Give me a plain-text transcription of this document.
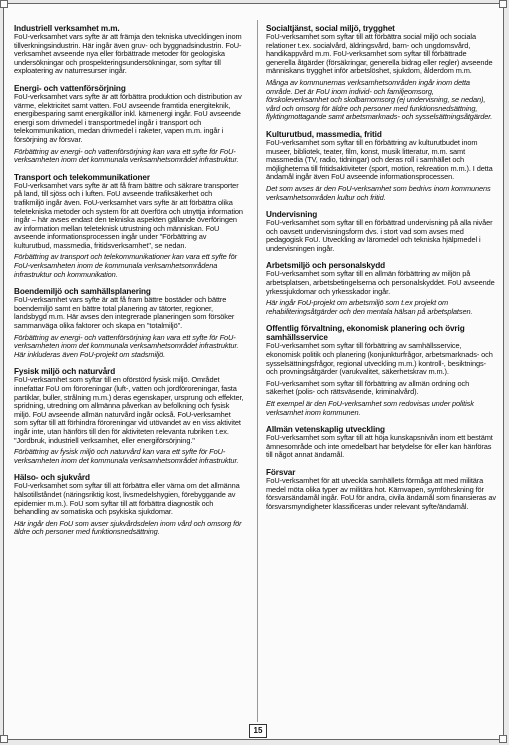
Industriell verksamhet m.m.

FoU-verksamhet vars syfte är att främja den tekniska utvecklingen inom tillverkningsindustrin. Här ingår även gruv- och byggnadsindustrin. FoU-verksamhet avseende nya eller förbättrade metoder för geologiska undersökningar och prospekteringsundersökningar, som syftar till exploatering av naturresurser ingår.

Energi- och vattenförsörjning

FoU-verksamhet vars syfte är att förbättra produktion och distribution av värme, elektricitet samt vatten. FoU avseende framtida energiteknik, energibesparing samt energikällor inkl. kärnenergi ingår. FoU avseende energi som drivmedel i transportmedel ingår i transport och telekommunikation, medan drivmedel i raketer, vapen m.m. ingår i försörjning av försvar.

Förbättring av energi- och vattenförsörjning kan vara ett syfte för FoU-verksamheten inom det kommunala verksamhetsområdet infrastruktur.

Transport och telekommunikationer

FoU-verksamhet vars syfte är att få fram bättre och säkrare transporter på land, till sjöss och i luften. FoU avseende trafiksäkerhet och trafikmiljö ingår även. FoU-verksamhet vars syfte är att förbättra olika teletekniska metoder och system för att överföra och utnyttja information ingår – här avses endast den tekniska aspekten gällande överföringen av information mellan teleteknisk utrustning och människan. FoU avseende informationsprocessen ingår under "Förbättring av kulturutbud, massmedia, fritidsverksamhet", se nedan.

Förbättring av transport och telekommunikationer kan vara ett syfte för FoU-verksamheten inom de kommunala verksamhetsområdena infrastruktur och kommunikation.

Boendemiljö och samhällsplanering

FoU-verksamhet vars syfte är att få fram bättre bostäder och bättre boendemiljö samt en bättre total planering av tätorter, regioner, landsbygd m.m. Här avses den integrerade planeringen som försöker sammanväga olika faktorer och skapa en "totalmiljö".

Förbättring av energi- och vattenförsörjning kan vara ett syfte för FoU-verksamheten inom det kommunala verksamhetsområdet infrastruktur. Här inkluderas även FoU-projekt om stadsmiljö.

Fysisk miljö och naturvård

FoU-verksamhet som syftar till en oförstörd fysisk miljö. Området innefattar FoU om föroreningar (luft-, vatten och jordföroreningar, fasta partiklar, buller, strålning m.m.) deras egenskaper, ursprung och effekter, spridning, utredning om allmänna påverkan av befolkning och fysisk miljö. FoU avseende allmän naturvård ingår också. FoU-verksamhet som syftar till att förhindra föroreningar vid utövandet av en viss aktivitet ingår inte, utan hänförs till den för aktiviteten relevanta rubriken t.ex. "Jordbruk, industriell verksamhet, eller energiförsörjning."

Förbättring av fysisk miljö och naturvård kan vara ett syfte för FoU-verksamheten inom det kommunala verksamhetsområdet infrastruktur.

Hälso- och sjukvård

FoU-verksamhet som syftar till att förbättra eller värna om det allmänna hälsotillståndet (näringsriktig kost, livsmedelshygien, förebyggande av epidemier m.m.). FoU som syftar till att förbättra diagnostik och behandling av somatiska och psykiska sjukdomar.

Här ingår den FoU som avser sjukvårdsdelen inom vård och omsorg för äldre och personer med funktionsnedsättning.

Socialtjänst, social miljö, trygghet

FoU-verksamhet som syftar till att förbättra social miljö och sociala relationer t.ex. socialvård, äldringsvård, barn- och ungdomsvård, handikappvård m.m. FoU-verksamhet som syftar till förbättrade generella åtgärder (försäkringar, generella bidrag eller regler) avseende människans trygghet inför arbetslöshet, sjukdom, ålderdom m.m.

Många av kommunernas verksamhetsområden ingår inom detta område. Det är FoU inom individ- och familjeomsorg, förskoleverksamhet och skolbarnomsorg (ej undervisning, se nedan), vård och omsorg för äldre och personer med funktionsnedsättning, flyktingmottagande samt arbetsmarknads- och sysselsättningsåtgärder.

Kulturutbud, massmedia, fritid

FoU-verksamhet som syftar till en förbättring av kulturutbudet inom museer, bibliotek, teater, film, konst, musik litteratur, m.m. samt massmedia (TV, radio, tidningar) och deras roll i samhället och möjligheterna till fritidsaktiviteter (sport, motion, rekreation m.m.). I detta ändamål ingår även FoU avseende informationsprocessen.

Det som avses är den FoU-verksamhet som bedrivs inom kommunens verksamhetsområden kultur och fritid.

Undervisning

FoU-verksamhet som syftar till en förbättrad undervisning på alla nivåer och oavsett undervisningsform dvs. i stort vad som avses med pedagogisk FoU. Utveckling av läromedel och tekniska hjälpmedel i undervisningen ingår.

Arbetsmiljö och personalskydd

FoU-verksamhet som syftar till en allmän förbättring av miljön på arbetsplatsen, arbetsbetingelserna och personalskyddet. FoU avseende yrkessjukdomar och yrkesskador ingår.

Här ingår FoU-projekt om arbetsmiljö som t.ex projekt om rehabiliteringsåtgärder och den mentala hälsan på arbetsplatsen.

Offentlig förvaltning, ekonomisk planering och övrig samhällsservice

FoU-verksamhet som syftar till förbättring av samhällsservice, ekonomisk politik och planering (konjunkturfrågor, arbetsmarknads- och sysselsättningsfrågor, regional utveckling m.m.) kontroll-, besiktnings- och provningsåtgärder (varukvalitet, säkerhetskrav m.m.).

FoU-verksamhet som syftar till förbättring av allmän ordning och säkerhet (polis- och rättsväsende, kriminalvård).

Ett exempel är den FoU-verksamhet som redovisas under politisk verksamhet inom kommunen.

Allmän vetenskaplig utveckling

FoU-verksamhet som syftar till att höja kunskapsnivån inom ett bestämt ämnesområde och inte omedelbart har betydelse för eller kan hänföras till något annat ändamål.

Försvar

FoU-verksamhet för att utveckla samhällets förmåga att med militära medel möta olika typer av militära hot. Kärnvapen, symföhrskning för försvarsändamål ingår. FoU för andra, civila ändamål som finansieras av försvarsmyndigheter klassificeras under relevant syfte/ändamål.

15
